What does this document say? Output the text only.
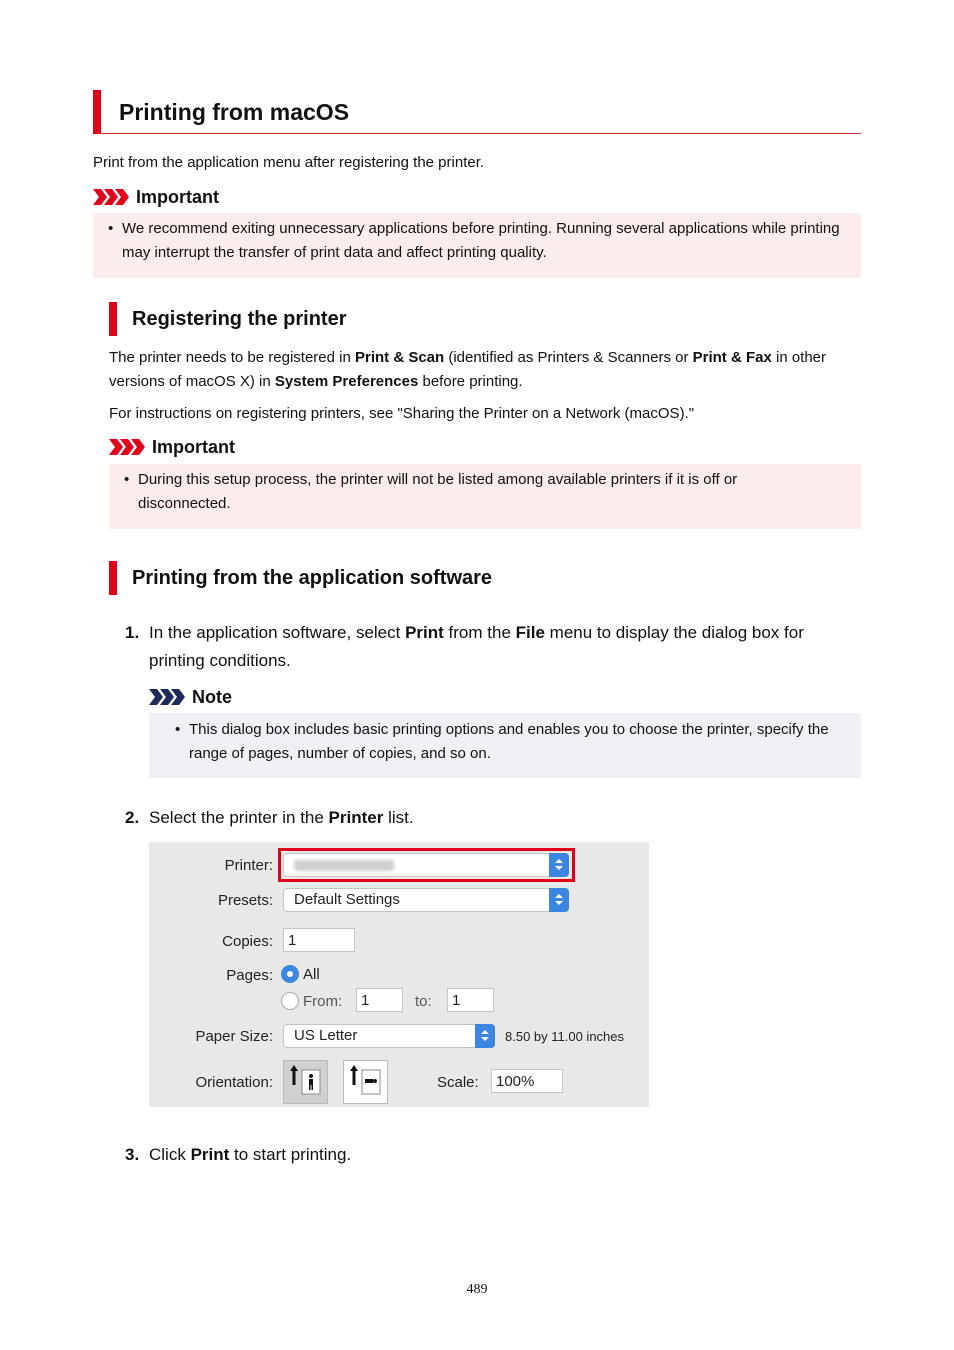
Printing from macOS
Print from the application menu after registering the printer.
Important
• We recommend exiting unnecessary applications before printing. Running several applications while printing may interrupt the transfer of print data and affect printing quality.
Registering the printer
The printer needs to be registered in Print & Scan (identified as Printers & Scanners or Print & Fax in other versions of macOS X) in System Preferences before printing.
For instructions on registering printers, see "Sharing the Printer on a Network (macOS)."
Important
• During this setup process, the printer will not be listed among available printers if it is off or disconnected.
Printing from the application software
1. In the application software, select Print from the File menu to display the dialog box for printing conditions.
Note
• This dialog box includes basic printing options and enables you to choose the printer, specify the range of pages, number of copies, and so on.
2. Select the printer in the Printer list.
Printer:
Presets:	Default Settings
Copies:	1
Pages: All
From:	1	to:	1
Paper Size:	US Letter	8.50 by 11.00 inches
Orientation:	Scale:	100%
3. Click Print to start printing.
489
